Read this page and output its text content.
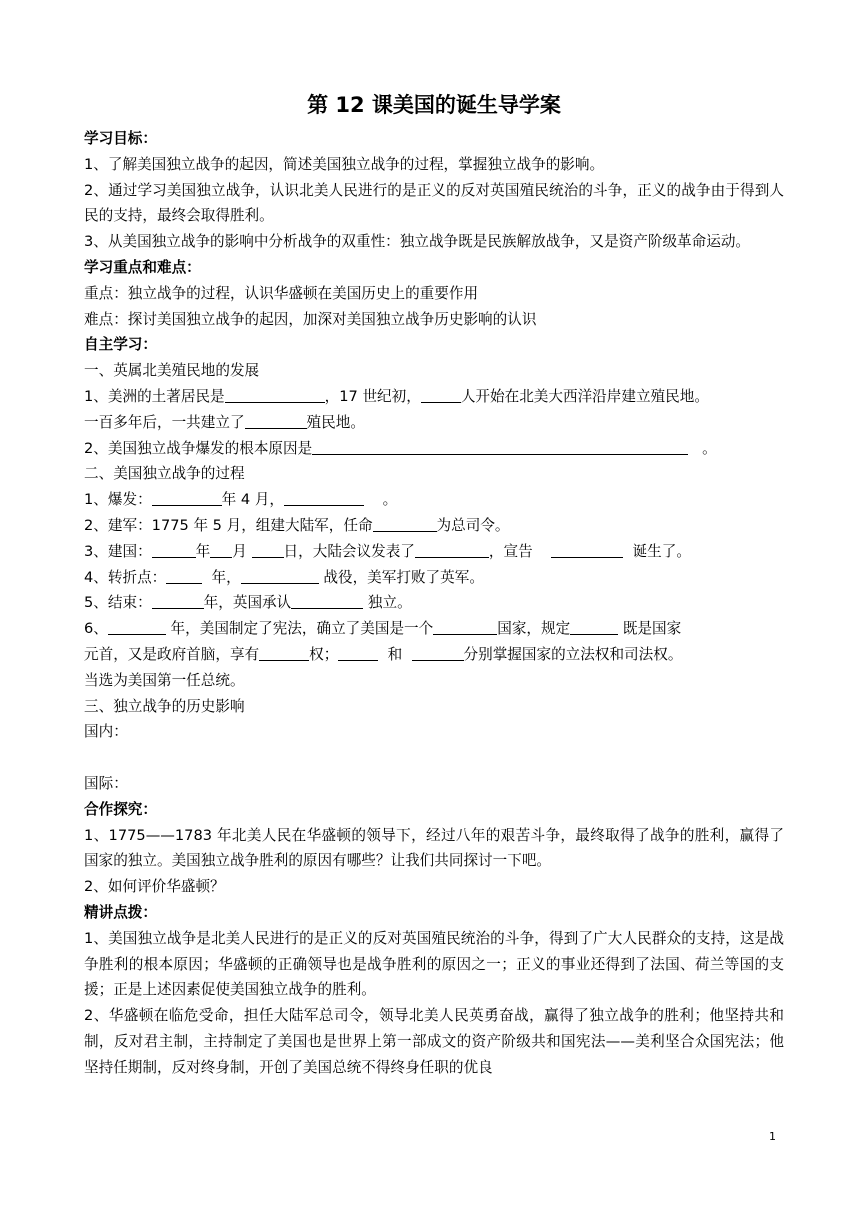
第 12 课美国的诞生导学案

学习目标：

1、了解美国独立战争的起因，简述美国独立战争的过程，掌握独立战争的影响。

2、通过学习美国独立战争，认识北美人民进行的是正义的反对英国殖民统治的斗争，正义的战争由于得到人民的支持，最终会取得胜利。

3、从美国独立战争的影响中分析战争的双重性：独立战争既是民族解放战争，又是资产阶级革命运动。

学习重点和难点：

重点：独立战争的过程，认识华盛顿在美国历史上的重要作用

难点：探讨美国独立战争的起因，加深对美国独立战争历史影响的认识

自主学习：

一、英属北美殖民地的发展

1、美洲的土著居民是	，17 世纪初，	人开始在北美大西洋沿岸建立殖民地。

一百多年后，一共建立了	殖民地。

2、美国独立战争爆发的根本原因是	。

二、美国独立战争的过程

1、爆发：	年 4 月，	。

2、建军：1775 年 5 月，组建大陆军，任命	为总司令。

3、建国：	年 月	日，大陆会议发表了	，宣告	诞生了。

4、转折点：	年，	战役，美军打败了英军。

5、结束：	年，英国承认	独立。

6、	年，美国制定了宪法，确立了美国是一个	国家，规定	既是国家

元首，又是政府首脑，享有	权；	和	分别掌握国家的立法权和司法权。

当选为美国第一任总统。

三、独立战争的历史影响

国内：

国际：

合作探究：

1、1775——1783 年北美人民在华盛顿的领导下，经过八年的艰苦斗争，最终取得了战争的胜利，赢得了国家的独立。美国独立战争胜利的原因有哪些？让我们共同探讨一下吧。

2、如何评价华盛顿？

精讲点拨：

1、美国独立战争是北美人民进行的是正义的反对英国殖民统治的斗争，得到了广大人民群众的支持，这是战争胜利的根本原因；华盛顿的正确领导也是战争胜利的原因之一；正义的事业还得到了法国、荷兰等国的支援；正是上述因素促使美国独立战争的胜利。

2、华盛顿在临危受命，担任大陆军总司令，领导北美人民英勇奋战，赢得了独立战争的胜利；他坚持共和制，反对君主制，主持制定了美国也是世界上第一部成文的资产阶级共和国宪法——美利坚合众国宪法；他坚持任期制，反对终身制，开创了美国总统不得终身任职的优良

1
